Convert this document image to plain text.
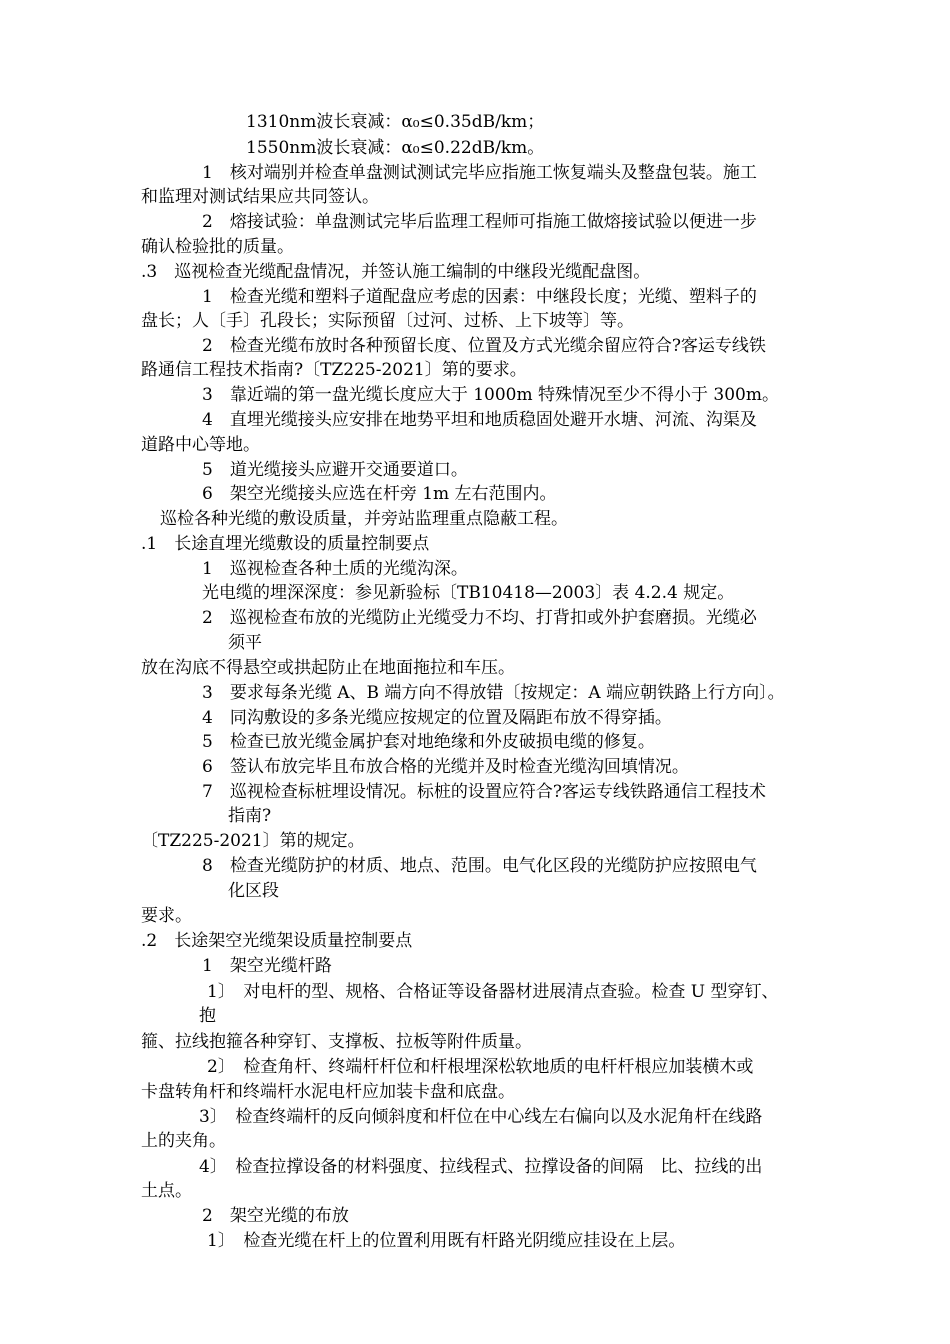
1310nm波长衰减：α₀≤0.35dB/km；
1550nm波长衰减：α₀≤0.22dB/km。
1　核对端别并检查单盘测试测试完毕应指施工恢复端头及整盘包装。施工
和监理对测试结果应共同签认。
2　熔接试验：单盘测试完毕后监理工程师可指施工做熔接试验以便进一步
确认检验批的质量。
.3　巡视检查光缆配盘情况，并签认施工编制的中继段光缆配盘图。
1　检查光缆和塑料子道配盘应考虑的因素：中继段长度；光缆、塑料子的
盘长；人〔手〕孔段长；实际预留〔过河、过桥、上下坡等〕等。
2　检查光缆布放时各种预留长度、位置及方式光缆余留应符合?客运专线铁
路通信工程技术指南?〔TZ225-2021〕第的要求。
3　靠近端的第一盘光缆长度应大于 1000m 特殊情况至少不得小于 300m。
4　直埋光缆接头应安排在地势平坦和地质稳固处避开水塘、河流、沟渠及
道路中心等地。
5　道光缆接头应避开交通要道口。
6　架空光缆接头应选在杆旁 1m 左右范围内。
巡检各种光缆的敷设质量，并旁站监理重点隐蔽工程。
.1　长途直埋光缆敷设的质量控制要点
1　巡视检查各种土质的光缆沟深。
光电缆的埋深深度：参见新验标〔TB10418—2003〕表 4.2.4 规定。
2　巡视检查布放的光缆防止光缆受力不均、打背扣或外护套磨损。光缆必
须平
放在沟底不得悬空或拱起防止在地面拖拉和车压。
3　要求每条光缆 A、B 端方向不得放错〔按规定：A 端应朝铁路上行方向〕。
4　同沟敷设的多条光缆应按规定的位置及隔距布放不得穿插。
5　检查已放光缆金属护套对地绝缘和外皮破损电缆的修复。
6　签认布放完毕且布放合格的光缆并及时检查光缆沟回填情况。
7　巡视检查标桩埋设情况。标桩的设置应符合?客运专线铁路通信工程技术
指南?
〔TZ225-2021〕第的规定。
8　检查光缆防护的材质、地点、范围。电气化区段的光缆防护应按照电气
化区段
要求。
.2　长途架空光缆架设质量控制要点
1　架空光缆杆路
1〕　对电杆的型、规格、合格证等设备器材进展清点查验。检查 U 型穿钉、
抱
箍、拉线抱箍各种穿钉、支撑板、拉板等附件质量。
2〕　检查角杆、终端杆杆位和杆根埋深松软地质的电杆杆根应加装横木或
卡盘转角杆和终端杆水泥电杆应加装卡盘和底盘。
3〕　检查终端杆的反向倾斜度和杆位在中心线左右偏向以及水泥角杆在线路
上的夹角。
4〕　检查拉撑设备的材料强度、拉线程式、拉撑设备的间隔　比、拉线的出
土点。
2　架空光缆的布放
1〕　检查光缆在杆上的位置利用既有杆路光阴缆应挂设在上层。
